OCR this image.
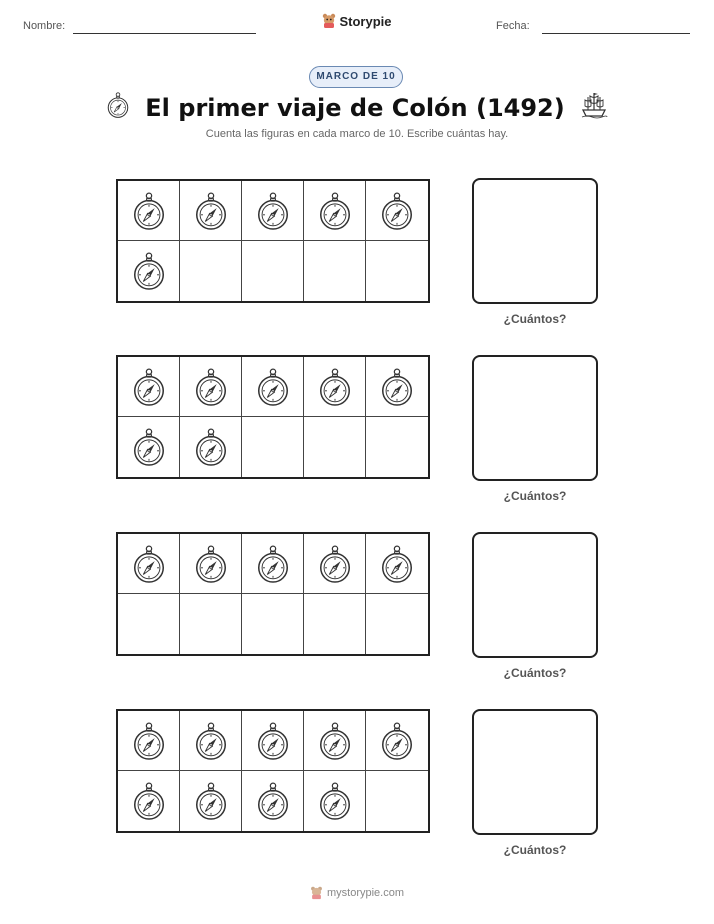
Nombre:	Storypie	Fecha:
MARCO DE 10
El primer viaje de Colón (1492)
Cuenta las figuras en cada marco de 10. Escribe cuántas hay.
¿Cuántos?
¿Cuántos?
¿Cuántos?
¿Cuántos?
mystorypie.com
